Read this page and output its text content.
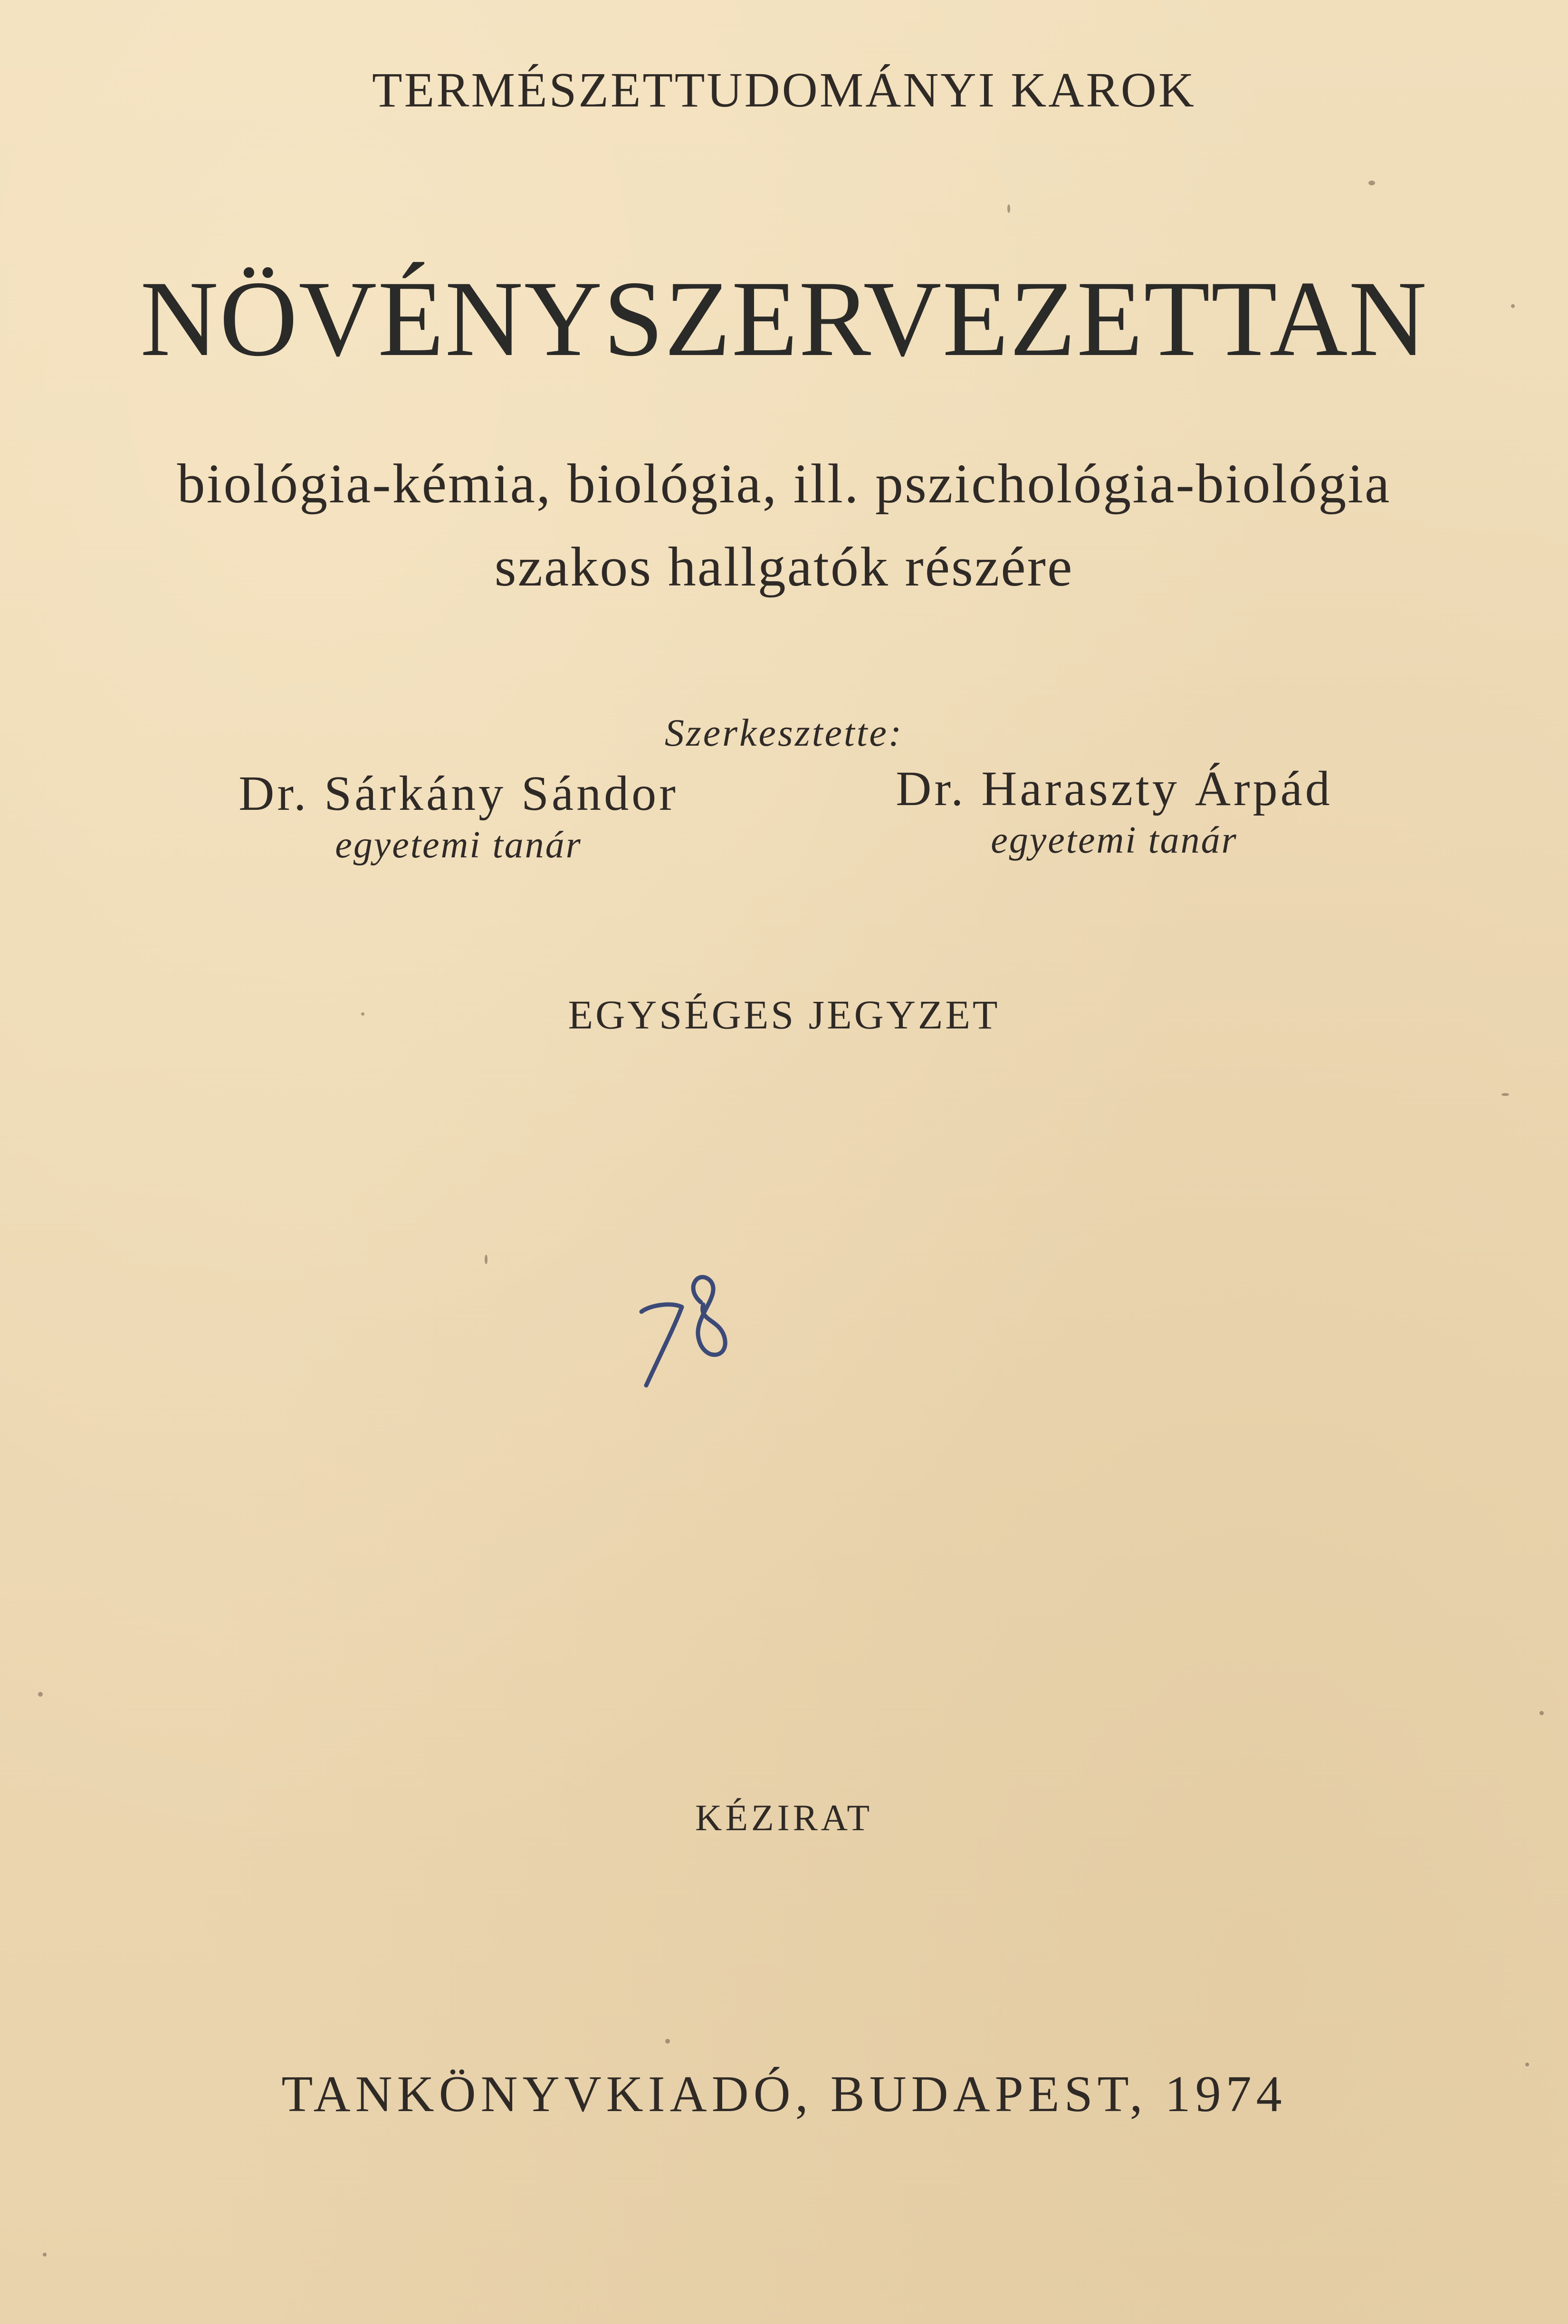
TERMÉSZETTUDOMÁNYI KAROK
NÖVÉNYSZERVEZETTAN
biológia-kémia, biológia, ill. pszichológia-biológia
szakos hallgatók részére
Szerkesztette:
Dr. Sárkány Sándor
egyetemi tanár
Dr. Haraszty Árpád
egyetemi tanár
EGYSÉGES JEGYZET
KÉZIRAT
TANKÖNYVKIADÓ, BUDAPEST, 1974
